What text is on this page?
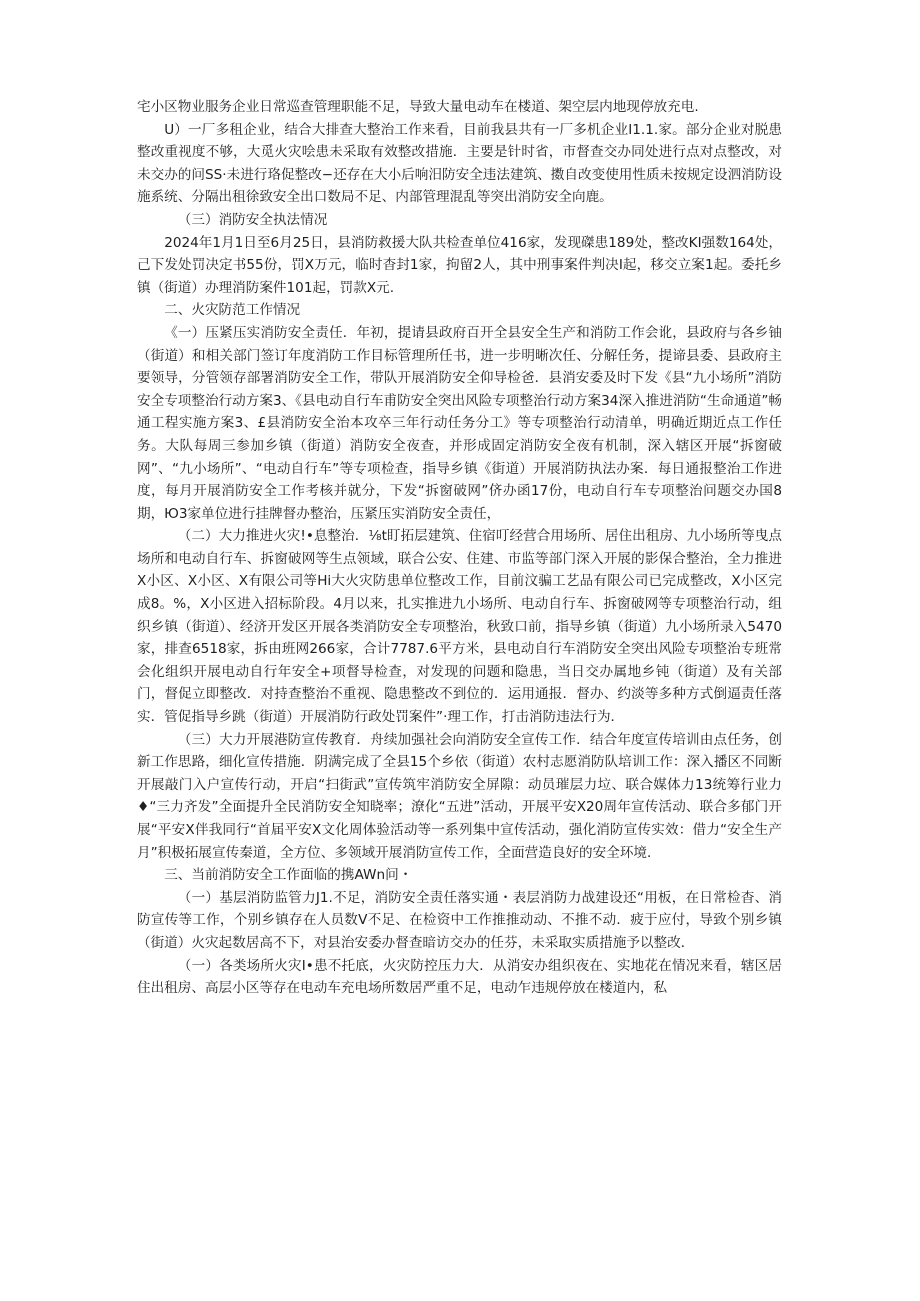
宅小区物业服务企业日常巡查管理职能不足，导致大量电动车在楼道、架空层内地现停放充电.

U）一厂多租企业，结合大排查大整治工作来看，目前我县共有一厂多机企业I1.1.家。部分企业对脱患整改重视度不够，大觅火灾哙患未采取有效整改措施．主要是针时省，市督查交办同处进行点对点整改，对未交办的问SS·未进行珞促整改−还存在大小后响汨防安全违法建筑、擞自改变使用性质未按规定设泗消防设施系统、分隔出租徐致安全出口数局不足、内部管理混乱等突出消防安全向鹿。

（三）消防安全执法情况

2024年1月1日至6月25日，县消防救援大队共检查单位416家，发现磔患189处，整改KI强数164处，己下发处罚决定书55份，罚X万元，临时杳封1家，拘留2人，其中刑事案件判决I起，移交立案1起。委托乡镇（街道）办理消防案件101起，罚款X元.

二、火灾防范工作情况

《一）压紧压实消防安全责任．年初，提请县政府百开全县安全生产和消防工作会讹，县政府与各乡铀（街道）和相关部门签订年度消防工作目标管理所任书，进一步明晰次任、分解任务，提谛县委、县政府主要领导，分管领存部署消防安全工作，带队开展消防安全仰导检爸．县消安委及时下发《县“九小场所”消防安全专项整治行动方案3、《县电动自行车甫防安全突出风险专项整治行动方案34深入推进消防“生命通道”畅通工程实施方案3、£县消防安全治本攻卒三年行动任务分工》等专项整治行动清单，明确近期近点工作任务。大队每周三参加乡镇（街道）消防安全夜查，并形成固定消防安全夜有机制，深入辖区开展“拆窗破网”、“九小场所”、“电动自行车”等专项检查，指导乡镇《街道）开展消防执法办案．每日通报整治工作进度，每月开展消防安全工作考核并就分，下发“拆窗破网”侪办函17份，电动自行车专项整治问题交办国8期，Ю3家单位进行挂牌督办整治，压紧压实消防安全责任，

（二）大力推进火灾!•息整治．⅛t盯拓层建筑、住宿叮经营合用场所、居住出租房、九小场所等曳点场所和电动自行车、拆窗破网等生点领域，联合公安、住建、市监等部门深入开展的影保合整治，全力推进X小区、X小区、X有限公司等Hi大火灾防患单位整改工作，目前汶骗工艺品有限公司已完成整改，X小区完成8。%，X小区进入招标阶段。4月以来，扎实推进九小场所、电动自行车、拆窗破网等专项整治行动，组织乡镇（街道）、经济开发区开展各类消防安全专项整治，秋致口前，指导乡镇（街道）九小场所录入5470家，排查6518家，拆由班网266家，合计7787.6平方米，县电动自行车消防安全突出风险专项整治专班常会化组织开展电动自行年安全+项督导检查，对发现的问题和隐患，当日交办属地乡钝（街道）及有关部门，督促立即整改．对持查整治不重视、隐患整改不到位的．运用通报．督办、约淡等多种方式倒逼责任落实．管促指导乡跳（街道）开展消防行政处罚案件”·理工作，打击消防违法行为．

（三）大力开展港防宣传教育．舟续加强社会向消防安全宣传工作．结合年度宣传培训由点任务，创新工作思路，细化宣传措施．阴满完成了全县15个乡依（街道）农村志愿消防队培训工作：深入播区不同断开展敲门入户宣传行动，开启“扫街武”宣传筑牢消防安全屏隙：动员璀层力垃、联合媒体力13统筹行业力♦“三力齐发”全面提升全民消防安全知晓率；潦化“五进”活动，开展平安X20周年宣传活动、联合多郁门开展“平安X伴我同行“首届平安X文化周体验活动等一系列集中宣传活动，强化消防宣传实效：借力“安全生产月”积极拓展宣传秦道，全方位、多领域开展消防宣传工作，全面营造良好的安全环境．

三、当前消防安全工作面临的携AWn问・

（一）基层消防监管力J1.不足，消防安全责任落实通・表层消防力战建设还“用板，在日常检杳、消防宣传等工作，个别乡镇存在人员数V不足、在检资中工作推推动动、不推不动．疲于应付，导致个别乡镇（街道）火灾起数居高不下，对县治安委办督查暗访交办的任芬，未采取实质措施予以整改．

（一）各类场所火灾I•患不托底，火灾防控压力大．从消安办组织夜在、实地花在情况来看，辖区居住出租房、高层小区等存在电动车充电场所数居严重不足，电动乍违规停放在楼道内，私
